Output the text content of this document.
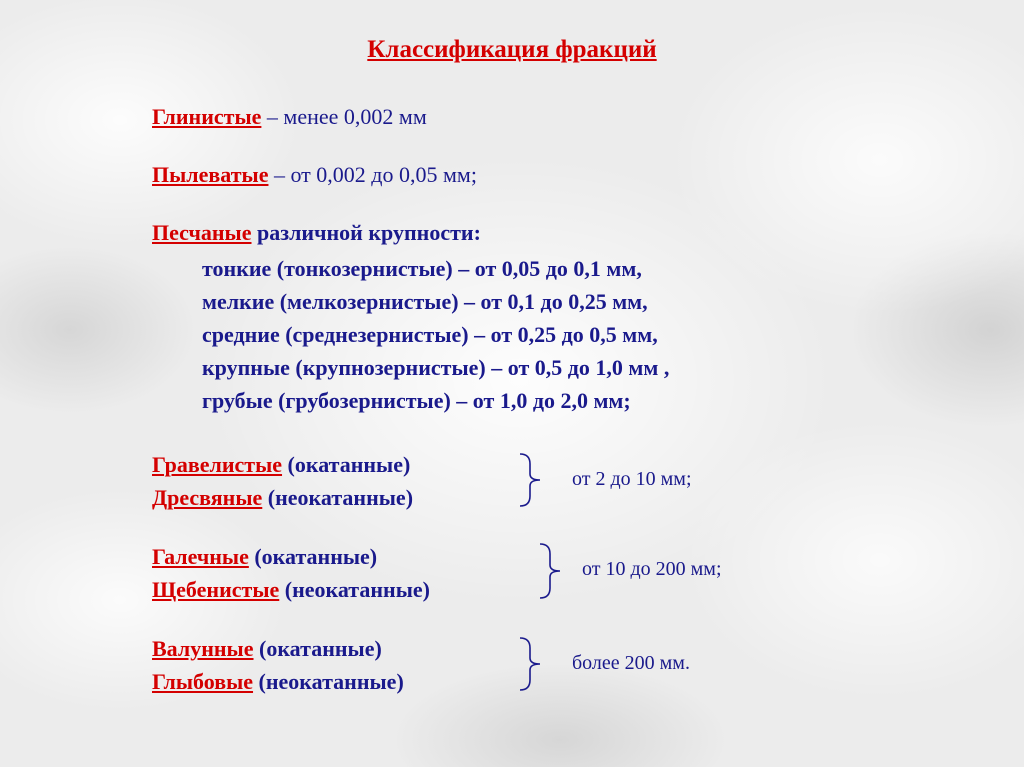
Классификация фракций
Глинистые – менее 0,002 мм
Пылеватые – от 0,002 до 0,05 мм;
Песчаные различной крупности:
тонкие (тонкозернистые) – от 0,05 до 0,1 мм,
мелкие (мелкозернистые) – от 0,1 до 0,25 мм,
средние (среднезернистые) – от 0,25 до 0,5 мм,
крупные (крупнозернистые) – от 0,5 до 1,0 мм ,
грубые (грубозернистые) – от 1,0 до 2,0 мм;
Гравелистые (окатанные)
Дресвяные (неокатанные)
от 2 до 10 мм;
Галечные (окатанные)
Щебенистые (неокатанные)
от 10 до 200 мм;
Валунные (окатанные)
Глыбовые (неокатанные)
более 200 мм.
